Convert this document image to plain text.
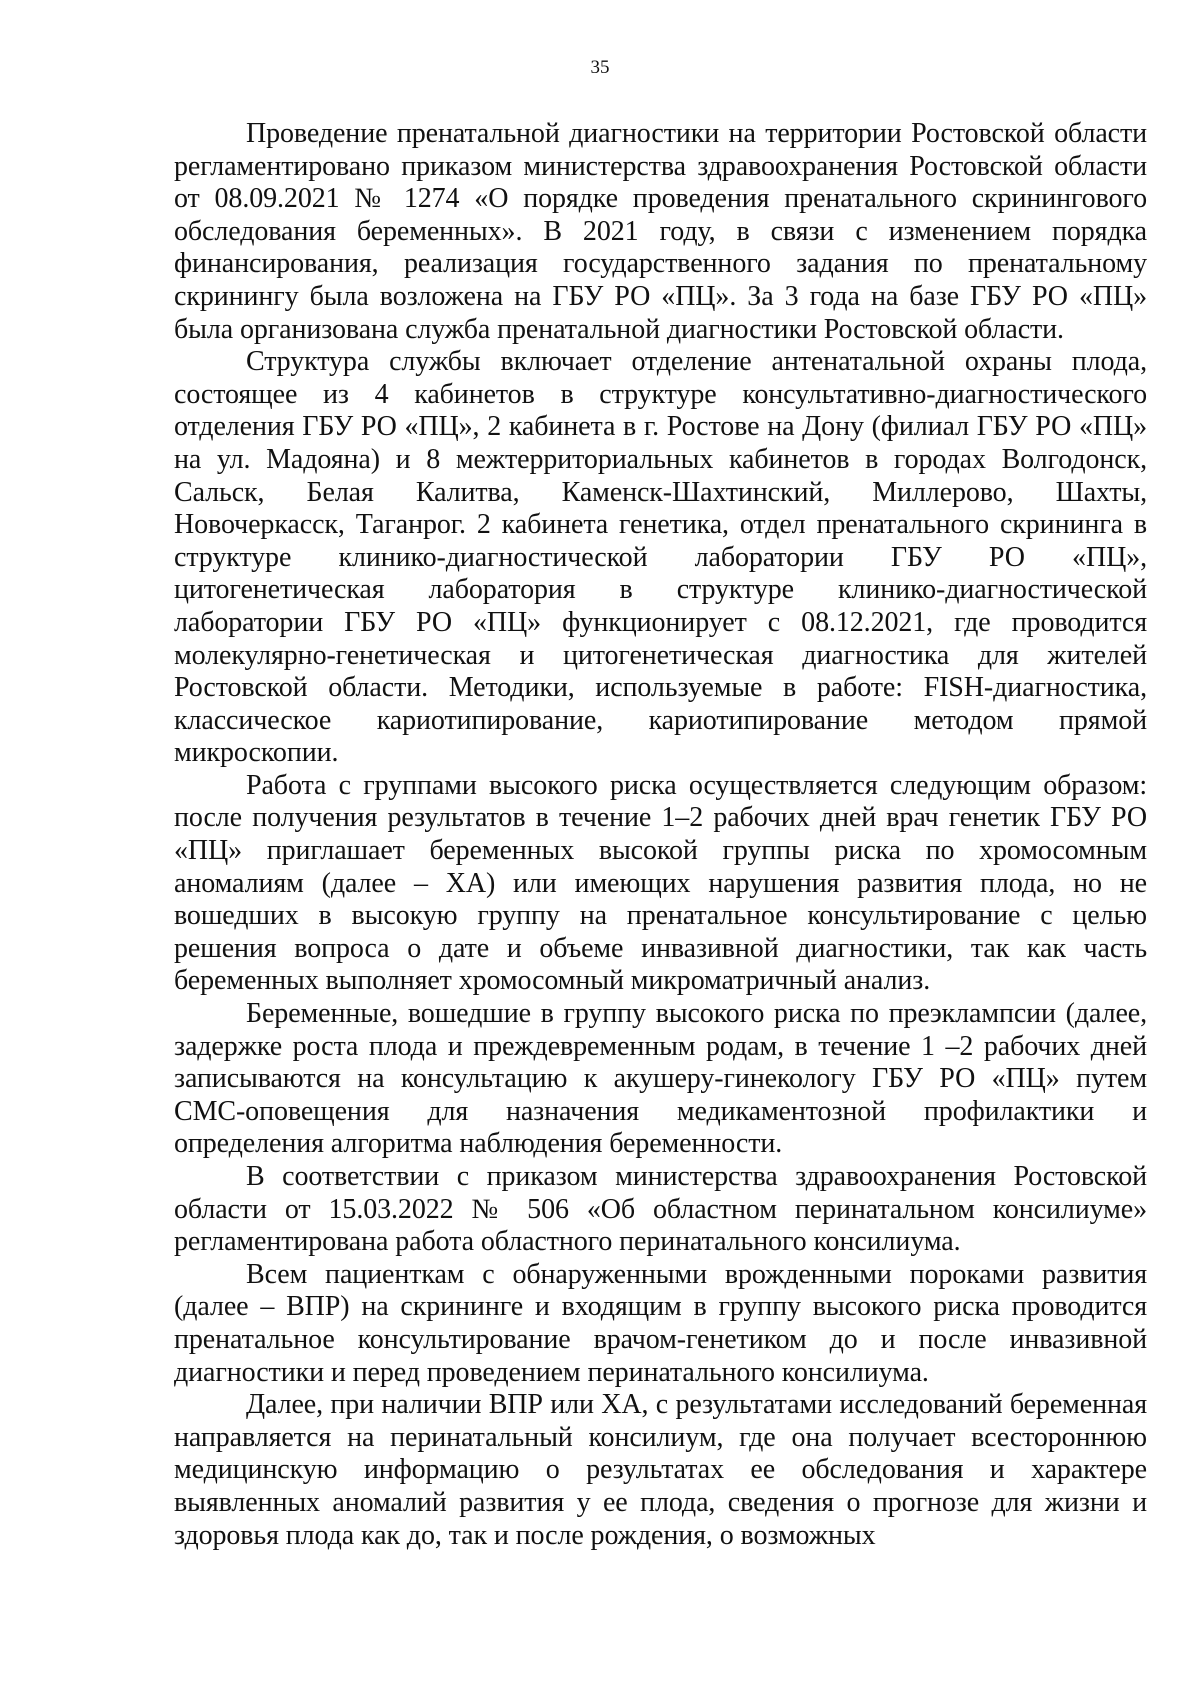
35

Проведение пренатальной диагностики на территории Ростовской области регламентировано приказом министерства здравоохранения Ростовской области от 08.09.2021 № 1274 «О порядке проведения пренатального скринингового обследования беременных». В 2021 году, в связи с изменением порядка финансирования, реализация государственного задания по пренатальному скринингу была возложена на ГБУ РО «ПЦ». За 3 года на базе ГБУ РО «ПЦ» была организована служба пренатальной диагностики Ростовской области.

Структура службы включает отделение антенатальной охраны плода, состоящее из 4 кабинетов в структуре консультативно-диагностического отделения ГБУ РО «ПЦ», 2 кабинета в г. Ростове на Дону (филиал ГБУ РО «ПЦ» на ул. Мадояна) и 8 межтерриториальных кабинетов в городах Волгодонск, Сальск, Белая Калитва, Каменск-Шахтинский, Миллерово, Шахты, Новочеркасск, Таганрог. 2 кабинета генетика, отдел пренатального скрининга в структуре клинико-диагностической лаборатории ГБУ РО «ПЦ», цитогенетическая лаборатория в структуре клинико-диагностической лаборатории ГБУ РО «ПЦ» функционирует с 08.12.2021, где проводится молекулярно-генетическая и цитогенетическая диагностика для жителей Ростовской области. Методики, используемые в работе: FISH-диагностика, классическое кариотипирование, кариотипирование методом прямой микроскопии.

Работа с группами высокого риска осуществляется следующим образом: после получения результатов в течение 1–2 рабочих дней врач генетик ГБУ РО «ПЦ» приглашает беременных высокой группы риска по хромосомным аномалиям (далее – ХА) или имеющих нарушения развития плода, но не вошедших в высокую группу на пренатальное консультирование с целью решения вопроса о дате и объеме инвазивной диагностики, так как часть беременных выполняет хромосомный микроматричный анализ.

Беременные, вошедшие в группу высокого риска по преэклампсии (далее, задержке роста плода и преждевременным родам, в течение 1 –2 рабочих дней записываются на консультацию к акушеру-гинекологу ГБУ РО «ПЦ» путем СМС-оповещения для назначения медикаментозной профилактики и определения алгоритма наблюдения беременности.

В соответствии с приказом министерства здравоохранения Ростовской области от 15.03.2022 № 506 «Об областном перинатальном консилиуме» регламентирована работа областного перинатального консилиума.

Всем пациенткам с обнаруженными врожденными пороками развития (далее – ВПР) на скрининге и входящим в группу высокого риска проводится пренатальное консультирование врачом-генетиком до и после инвазивной диагностики и перед проведением перинатального консилиума.

Далее, при наличии ВПР или ХА, с результатами исследований беременная направляется на перинатальный консилиум, где она получает всестороннюю медицинскую информацию о результатах ее обследования и характере выявленных аномалий развития у ее плода, сведения о прогнозе для жизни и здоровья плода как до, так и после рождения, о возможных
